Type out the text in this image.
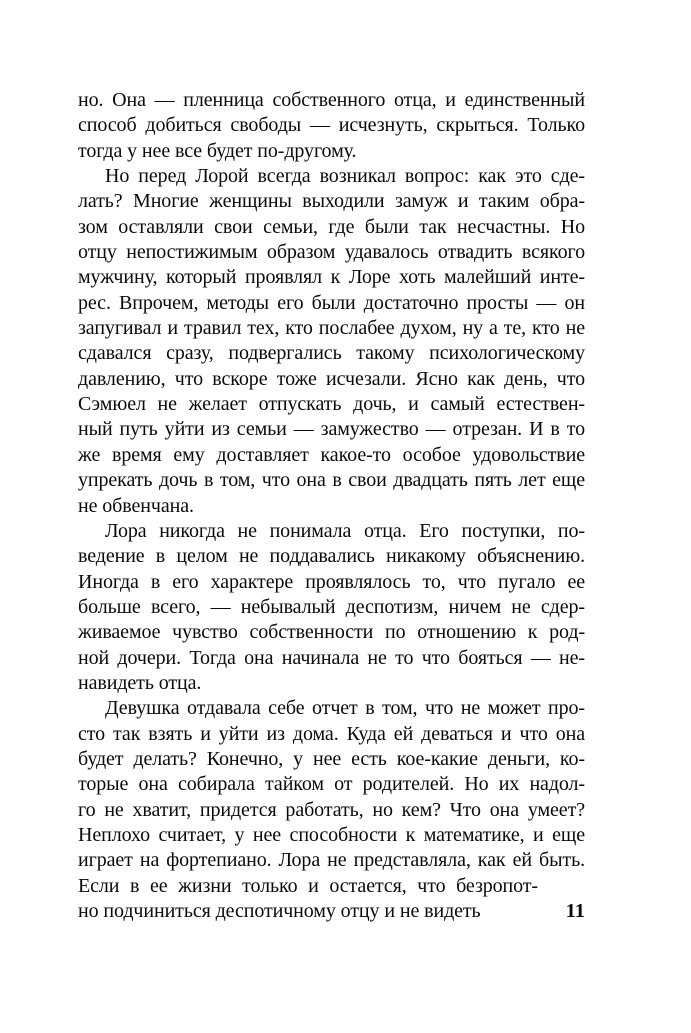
но. Она — пленница собственного отца, и единственный
способ добиться свободы — исчезнуть, скрыться. Только
тогда у нее все будет по-другому.
Но перед Лорой всегда возникал вопрос: как это сде-
лать? Многие женщины выходили замуж и таким обра-
зом оставляли свои семьи, где были так несчастны. Но
отцу непостижимым образом удавалось отвадить всякого
мужчину, который проявлял к Лоре хоть малейший инте-
рес. Впрочем, методы его были достаточно просты — он
запугивал и травил тех, кто послабее духом, ну а те, кто не
сдавался сразу, подвергались такому психологическому
давлению, что вскоре тоже исчезали. Ясно как день, что
Сэмюел не желает отпускать дочь, и самый естествен-
ный путь уйти из семьи — замужество — отрезан. И в то
же время ему доставляет какое-то особое удовольствие
упрекать дочь в том, что она в свои двадцать пять лет еще
не обвенчана.
Лора никогда не понимала отца. Его поступки, по-
ведение в целом не поддавались никакому объяснению.
Иногда в его характере проявлялось то, что пугало ее
больше всего, — небывалый деспотизм, ничем не сдер-
живаемое чувство собственности по отношению к род-
ной дочери. Тогда она начинала не то что бояться — не-
навидеть отца.
Девушка отдавала себе отчет в том, что не может про-
сто так взять и уйти из дома. Куда ей деваться и что она
будет делать? Конечно, у нее есть кое-какие деньги, ко-
торые она собирала тайком от родителей. Но их надол-
го не хватит, придется работать, но кем? Что она умеет?
Неплохо считает, у нее способности к математике, и еще
играет на фортепиано. Лора не представляла, как ей быть.
Если в ее жизни только и остается, что безропот-
но подчиниться деспотичному отцу и не видеть	11
